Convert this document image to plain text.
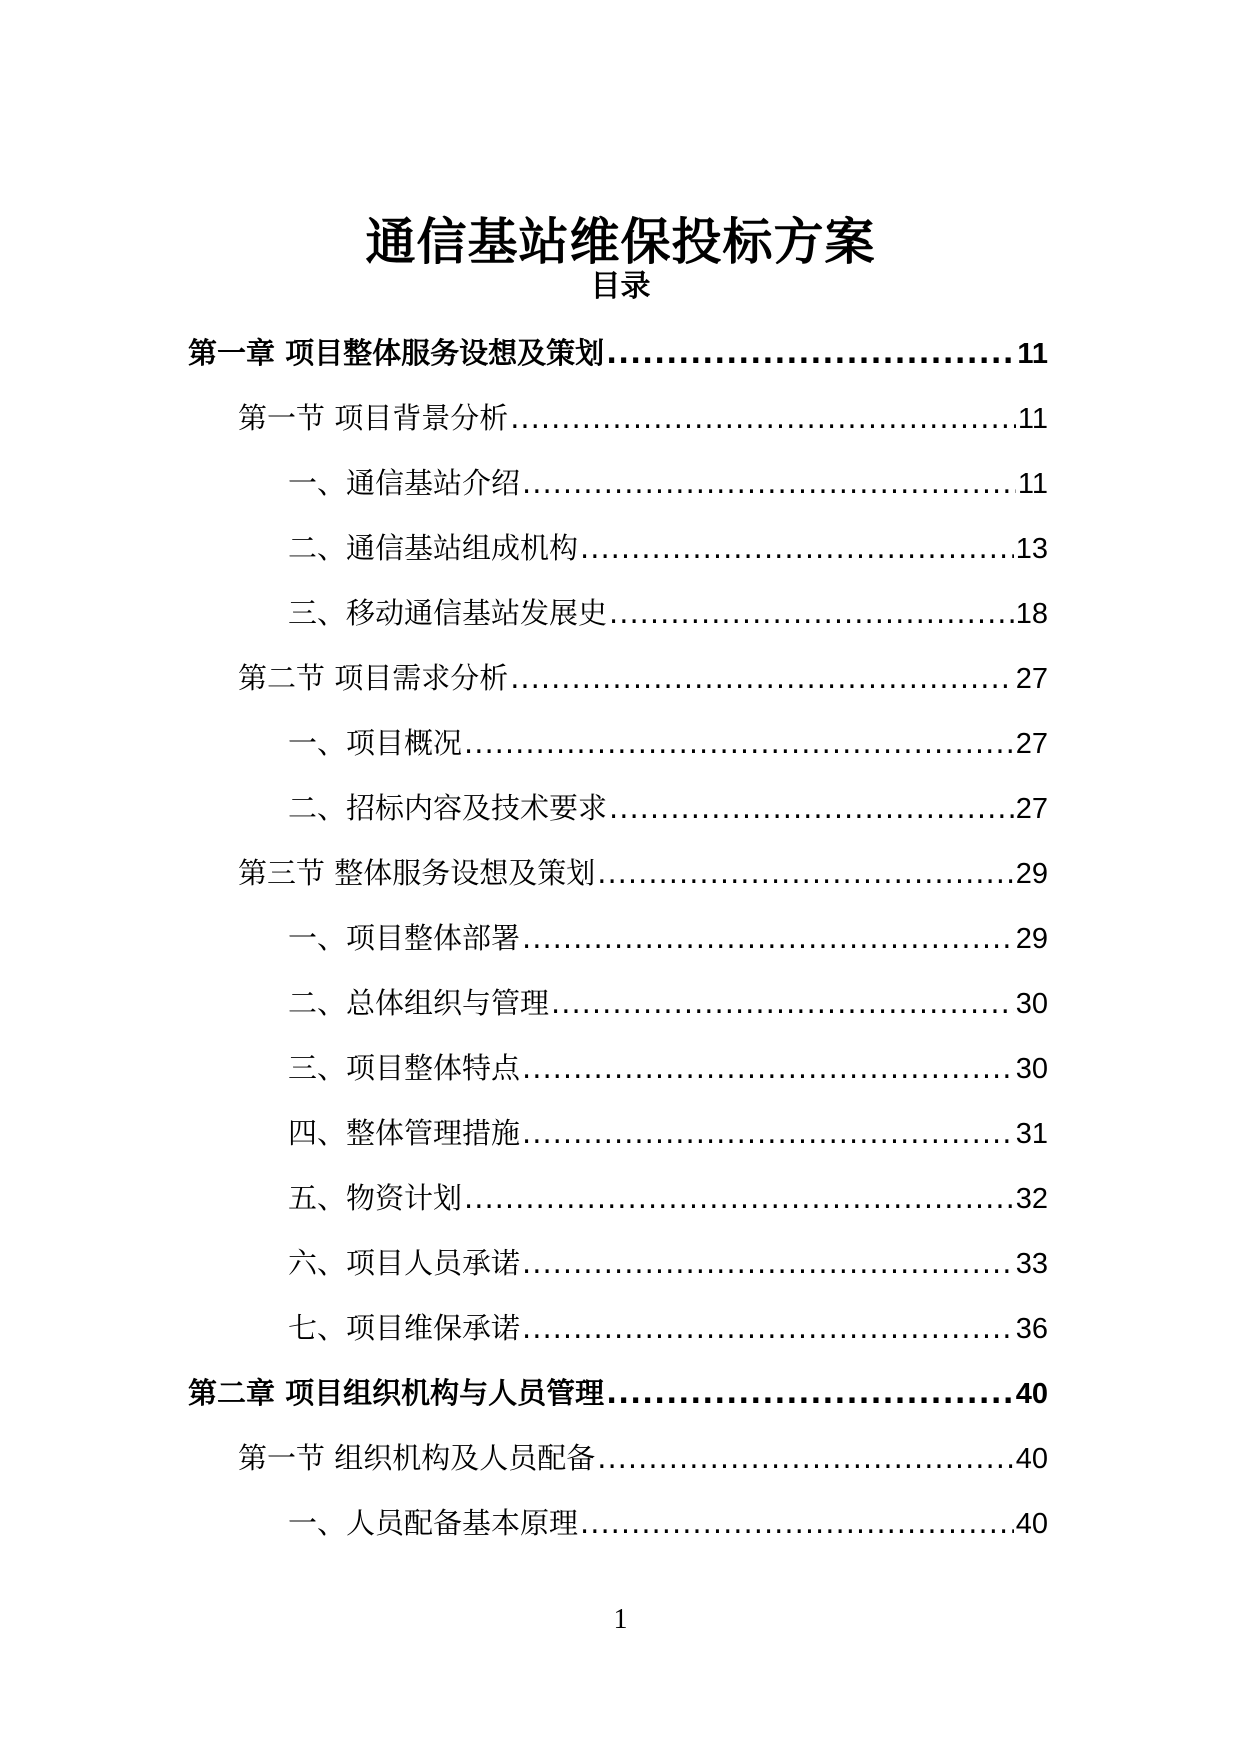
通信基站维保投标方案
目录
第一章 项目整体服务设想及策划 .....	11
第一节 项目背景分析 .....	11
一、通信基站介绍 .....	11
二、通信基站组成机构 .....	13
三、移动通信基站发展史 .....	18
第二节 项目需求分析 .....	27
一、项目概况 .....	27
二、招标内容及技术要求 .....	27
第三节 整体服务设想及策划 .....	29
一、项目整体部署 .....	29
二、总体组织与管理 .....	30
三、项目整体特点 .....	30
四、整体管理措施 .....	31
五、物资计划 .....	32
六、项目人员承诺 .....	33
七、项目维保承诺 .....	36
第二章 项目组织机构与人员管理 .....	40
第一节 组织机构及人员配备 .....	40
一、人员配备基本原理 .....	40
1
